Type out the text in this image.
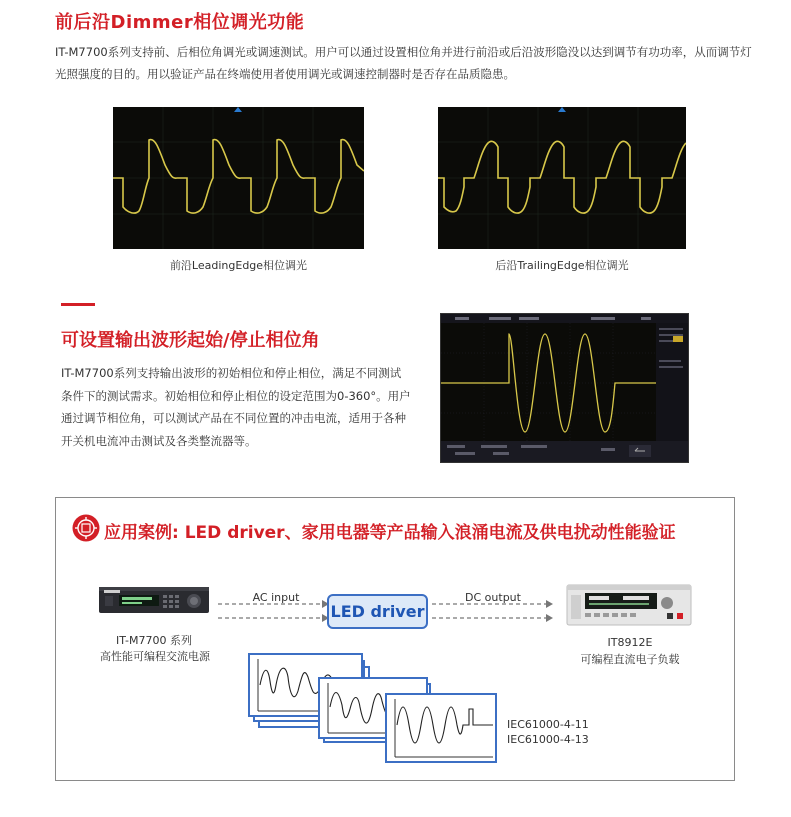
前后沿Dimmer相位调光功能
IT-M7700系列支持前、后相位角调光或调速测试。用户可以通过设置相位角并进行前沿或后沿波形隐没以达到调节有功功率，从而调节灯光照强度的目的。用以验证产品在终端使用者使用调光或调速控制器时是否存在品质隐患。
前沿LeadingEdge相位调光	后沿TrailingEdge相位调光
可设置输出波形起始/停止相位角
IT-M7700系列支持输出波形的初始相位和停止相位，满足不同测试条件下的测试需求。初始相位和停止相位的设定范围为0-360°。用户通过调节相位角，可以测试产品在不同位置的冲击电流，适用于各种开关机电流冲击测试及各类整流器等。
应用案例: LED driver、家用电器等产品输入浪涌电流及供电扰动性能验证
IT-M7700 系列
高性能可编程交流电源
AC input
LED driver
DC output
IT8912E
可编程直流电子负载
IEC61000-4-11
IEC61000-4-13
